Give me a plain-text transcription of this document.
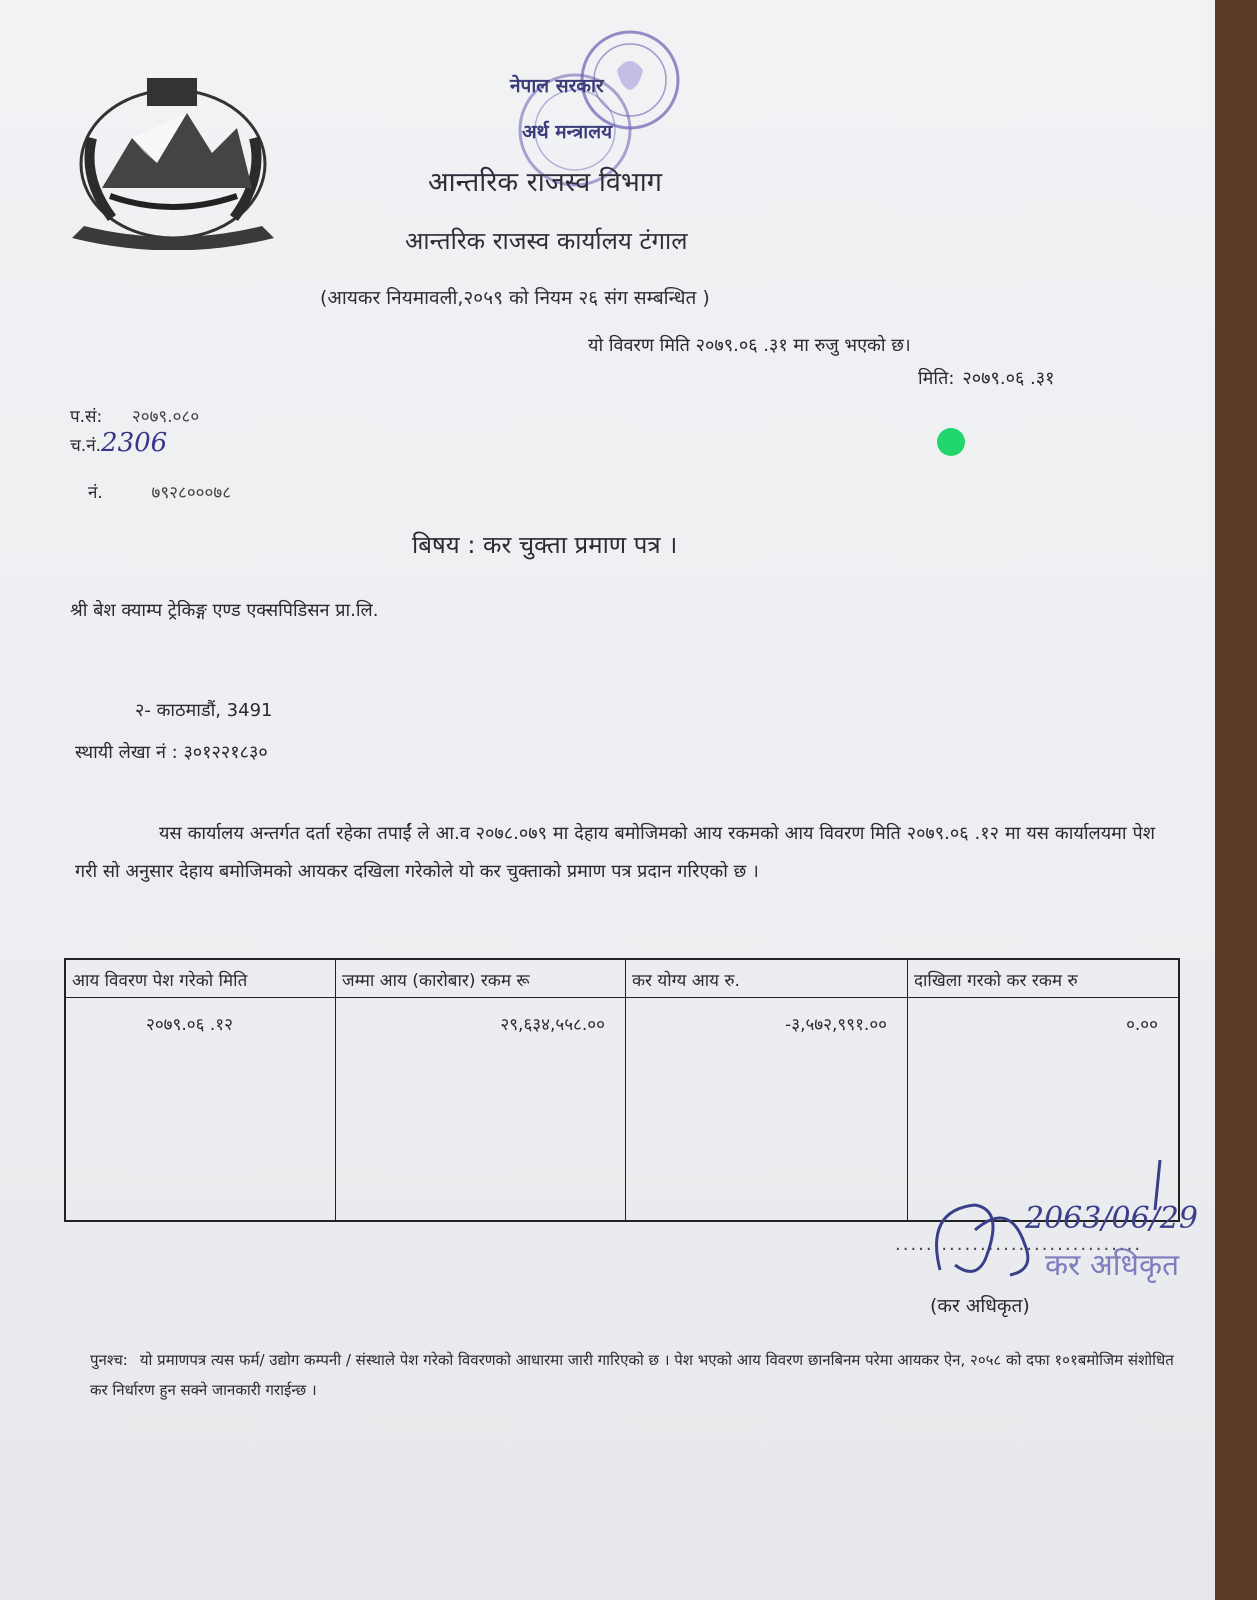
नेपाल सरकार
अर्थ मन्त्रालय
आन्तरिक राजस्व विभाग
आन्तरिक राजस्व कार्यालय टंगाल
(आयकर नियमावली,२०५९ को नियम २६ संग सम्बन्धित )
यो विवरण मिति २०७९.०६ .३१ मा रुजु भएको छ।
मिति: २०७९.०६ .३१
प.सं: २०७९.०८०
च.नं.2306
नं.	७९२८०००७८
बिषय : कर चुक्ता प्रमाण पत्र ।
श्री बेश क्याम्प ट्रेकिङ्ग एण्ड एक्सपिडिसन प्रा.लि.
२- काठमाडौं, 3491
स्थायी लेखा नं : ३०१२२१८३०
यस कार्यालय अन्तर्गत दर्ता रहेका तपाईं ले आ.व २०७८.०७९ मा देहाय बमोजिमको आय रकमको आय विवरण मिति २०७९.०६ .१२ मा यस कार्यालयमा पेश गरी सो अनुसार देहाय बमोजिमको आयकर दखिला गरेकोले यो कर चुक्ताको प्रमाण पत्र प्रदान गरिएको छ ।
आय विवरण पेश गरेको मिति	जम्मा आय (कारोबार) रकम रू	कर योग्य आय रु.	दाखिला गरको कर रकम रु
२०७९.०६ .१२	२९,६३४,५५८.००	-३,५७२,९९१.००	०.००
................................
2063/06/29
कर अधिकृत
(कर अधिकृत)
पुनश्च: यो प्रमाणपत्र त्यस फर्म/ उद्योग कम्पनी / संस्थाले पेश गरेको विवरणको आधारमा जारी गारिएको छ । पेश भएको आय विवरण छानबिनम परेमा आयकर ऐन, २०५८ को दफा १०१बमोजिम संशोधित कर निर्धारण हुन सक्ने जानकारी गराईन्छ ।
